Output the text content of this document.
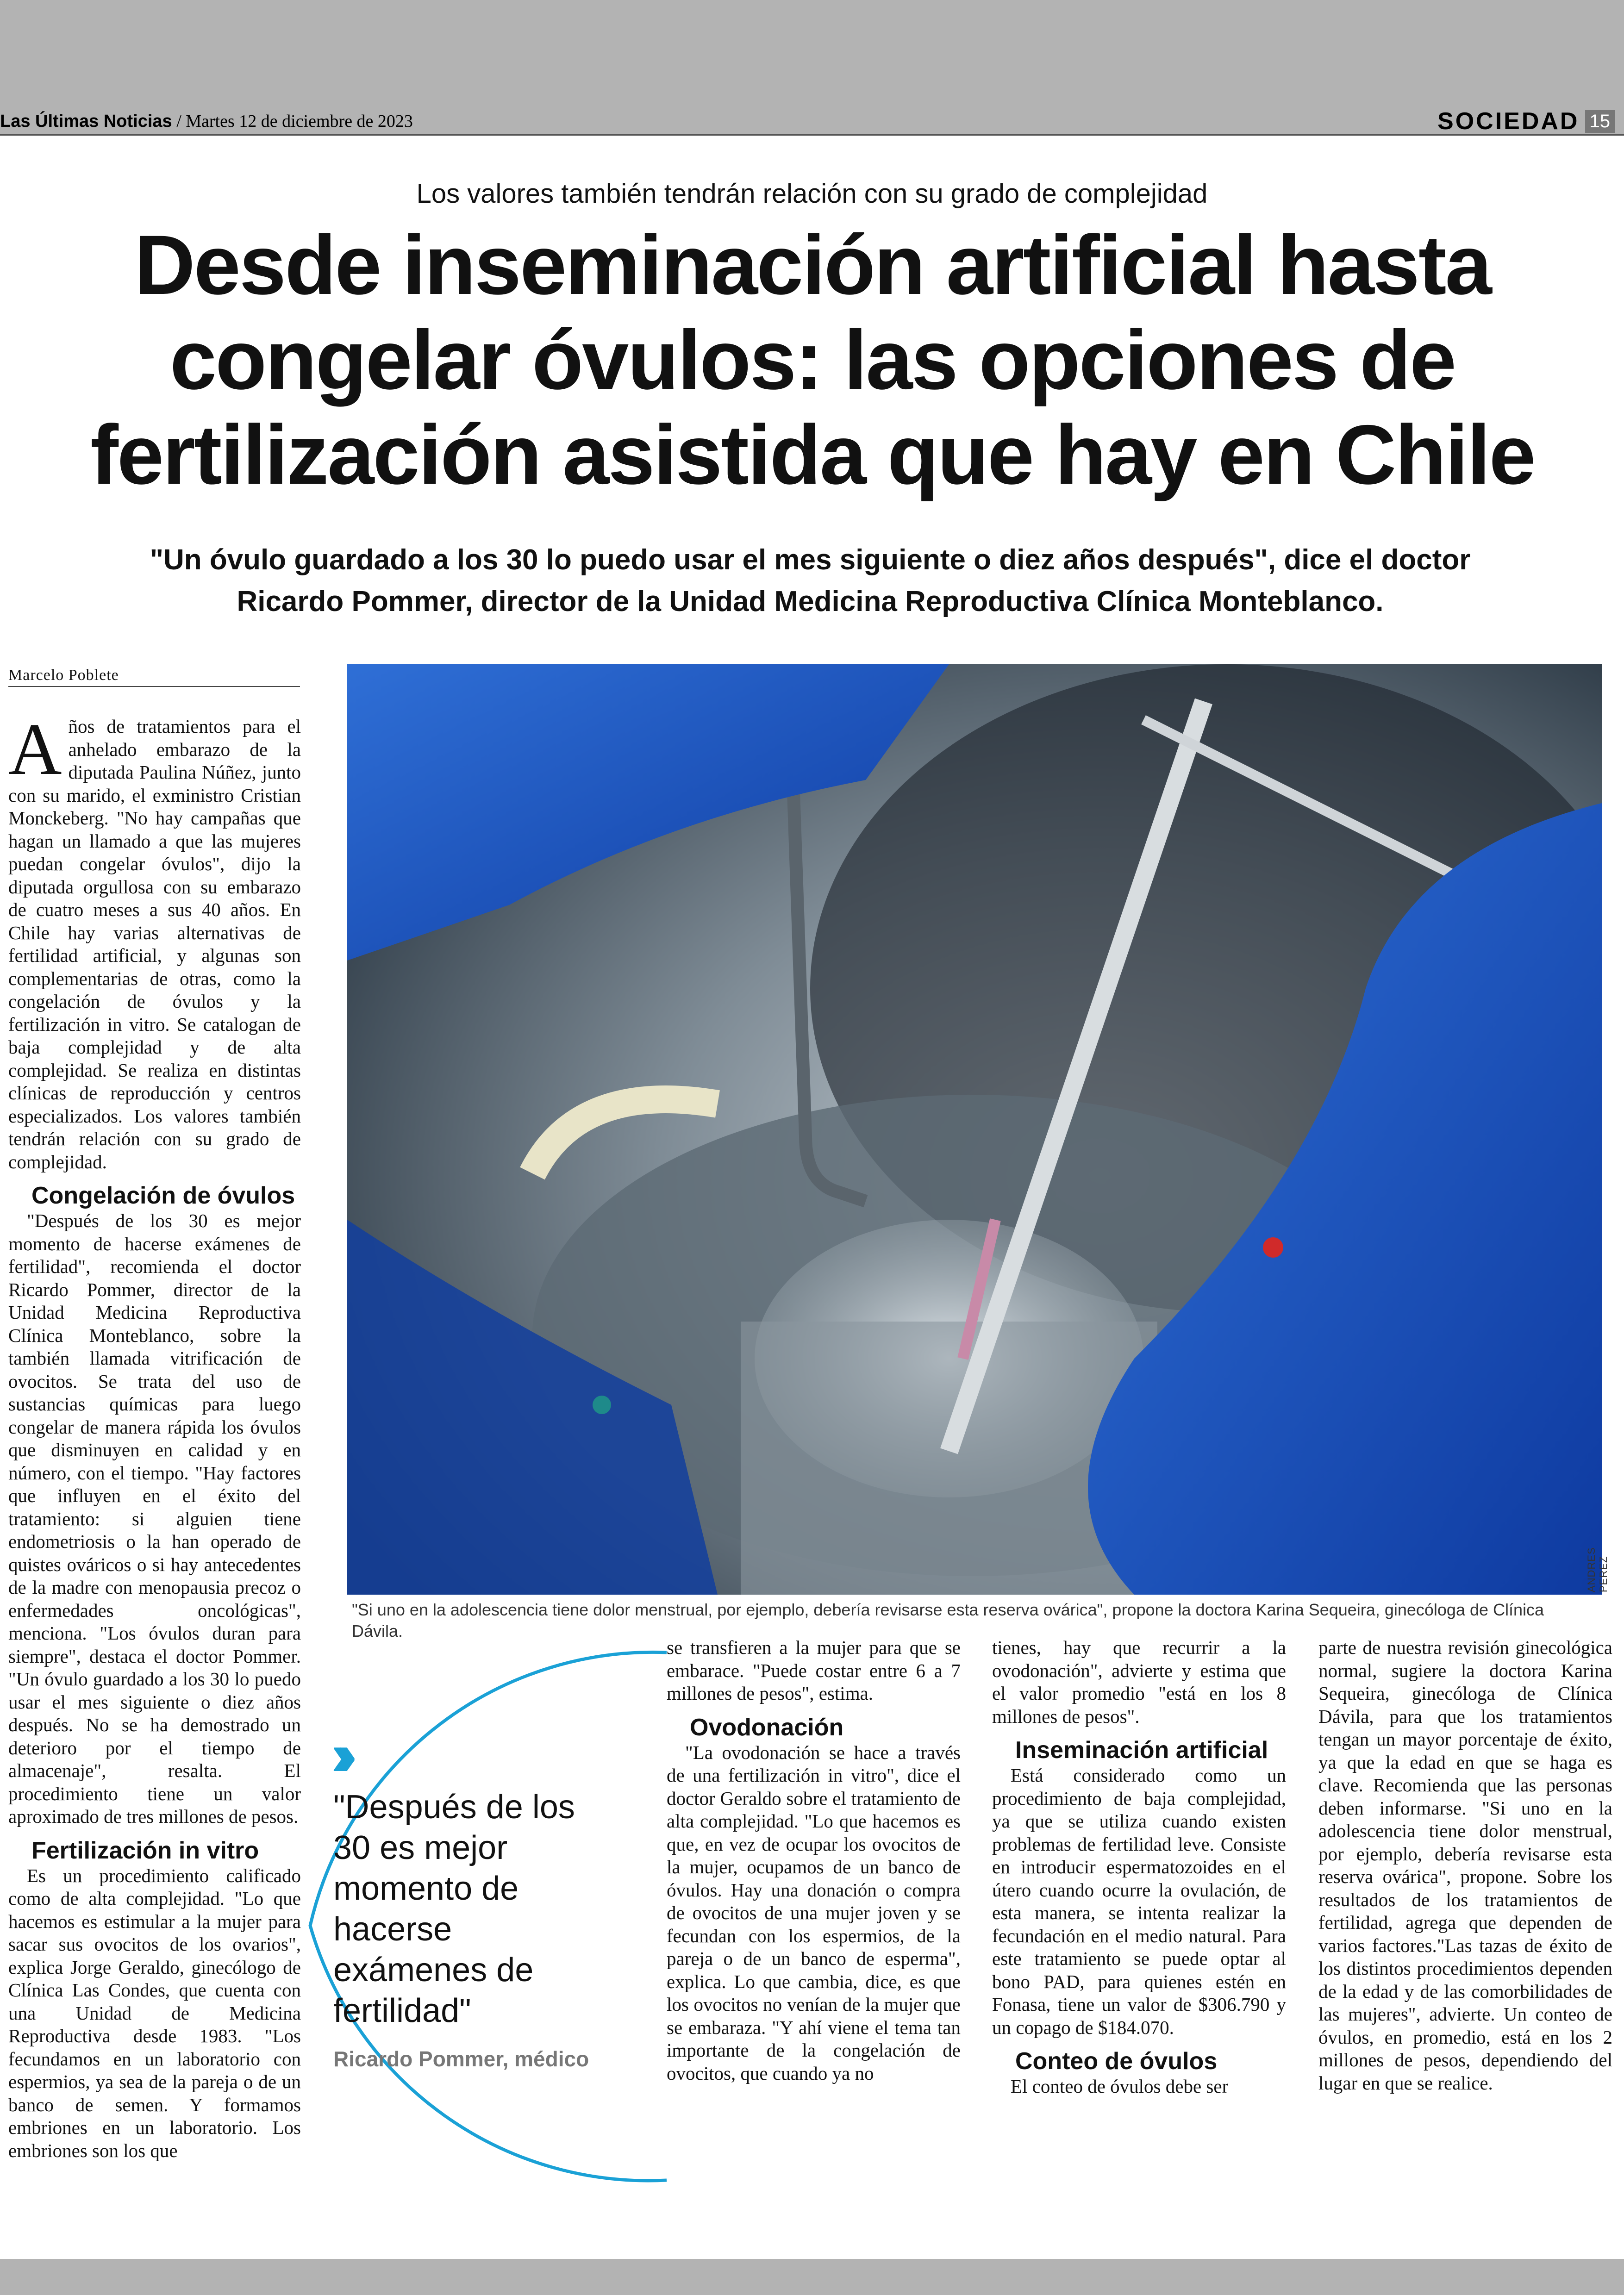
Las Últimas Noticias / Martes 12 de diciembre de 2023	SOCIEDAD 15
Los valores también tendrán relación con su grado de complejidad
Desde inseminación artificial hasta congelar óvulos: las opciones de fertilización asistida que hay en Chile
"Un óvulo guardado a los 30 lo puedo usar el mes siguiente o diez años después", dice el doctor Ricardo Pommer, director de la Unidad Medicina Reproductiva Clínica Monteblanco.
Marcelo Poblete

Años de tratamientos para el anhelado embarazo de la diputada Paulina Núñez, junto con su marido, el exministro Cristian Monckeberg. "No hay campañas que hagan un llamado a que las mujeres puedan congelar óvulos", dijo la diputada orgullosa con su embarazo de cuatro meses a sus 40 años. En Chile hay varias alternativas de fertilidad artificial, y algunas son complementarias de otras, como la congelación de óvulos y la fertilización in vitro. Se catalogan de baja complejidad y de alta complejidad. Se realiza en distintas clínicas de reproducción y centros especializados. Los valores también tendrán relación con su grado de complejidad.

Congelación de óvulos

"Después de los 30 es mejor momento de hacerse exámenes de fertilidad", recomienda el doctor Ricardo Pommer, director de la Unidad Medicina Reproductiva Clínica Monteblanco, sobre la también llamada vitrificación de ovocitos. Se trata del uso de sustancias químicas para luego congelar de manera rápida los óvulos que disminuyen en calidad y en número, con el tiempo. "Hay factores que influyen en el éxito del tratamiento: si alguien tiene endometriosis o la han operado de quistes ováricos o si hay antecedentes de la madre con menopausia precoz o enfermedades oncológicas", menciona. "Los óvulos duran para siempre", destaca el doctor Pommer. "Un óvulo guardado a los 30 lo puedo usar el mes siguiente o diez años después. No se ha demostrado un deterioro por el tiempo de almacenaje", resalta. El procedimiento tiene un valor aproximado de tres millones de pesos.

Fertilización in vitro

Es un procedimiento calificado como de alta complejidad. "Lo que hacemos es estimular a la mujer para sacar sus ovocitos de los ovarios", explica Jorge Geraldo, ginecólogo de Clínica Las Condes, que cuenta con una Unidad de Medicina Reproductiva desde 1983. "Los fecundamos en un laboratorio con espermios, ya sea de la pareja o de un banco de semen. Y formamos embriones en un laboratorio. Los embriones son los que

ANDRES PEREZ
"Si uno en la adolescencia tiene dolor menstrual, por ejemplo, debería revisarse esta reserva ovárica", propone la doctora Karina Sequeira, ginecóloga de Clínica Dávila.
››
"Después de los 30 es mejor momento de hacerse exámenes de fertilidad"
Ricardo Pommer, médico

se transfieren a la mujer para que se embarace. "Puede costar entre 6 a 7 millones de pesos", estima.

Ovodonación

"La ovodonación se hace a través de una fertilización in vitro", dice el doctor Geraldo sobre el tratamiento de alta complejidad. "Lo que hacemos es que, en vez de ocupar los ovocitos de la mujer, ocupamos de un banco de óvulos. Hay una donación o compra de ovocitos de una mujer joven y se fecundan con los espermios, de la pareja o de un banco de esperma", explica. Lo que cambia, dice, es que los ovocitos no venían de la mujer que se embaraza. "Y ahí viene el tema tan importante de la congelación de ovocitos, que cuando ya no

tienes, hay que recurrir a la ovodonación", advierte y estima que el valor promedio "está en los 8 millones de pesos".

Inseminación artificial

Está considerado como un procedimiento de baja complejidad, ya que se utiliza cuando existen problemas de fertilidad leve. Consiste en introducir espermatozoides en el útero cuando ocurre la ovulación, de esta manera, se intenta realizar la fecundación en el medio natural. Para este tratamiento se puede optar al bono PAD, para quienes estén en Fonasa, tiene un valor de $306.790 y un copago de $184.070.

Conteo de óvulos

El conteo de óvulos debe ser

parte de nuestra revisión ginecológica normal, sugiere la doctora Karina Sequeira, ginecóloga de Clínica Dávila, para que los tratamientos tengan un mayor porcentaje de éxito, ya que la edad en que se haga es clave. Recomienda que las personas deben informarse. "Si uno en la adolescencia tiene dolor menstrual, por ejemplo, debería revisarse esta reserva ovárica", propone. Sobre los resultados de los tratamientos de fertilidad, agrega que dependen de varios factores."Las tazas de éxito de los distintos procedimientos dependen de la edad y de las comorbilidades de las mujeres", advierte. Un conteo de óvulos, en promedio, está en los 2 millones de pesos, dependiendo del lugar en que se realice.
